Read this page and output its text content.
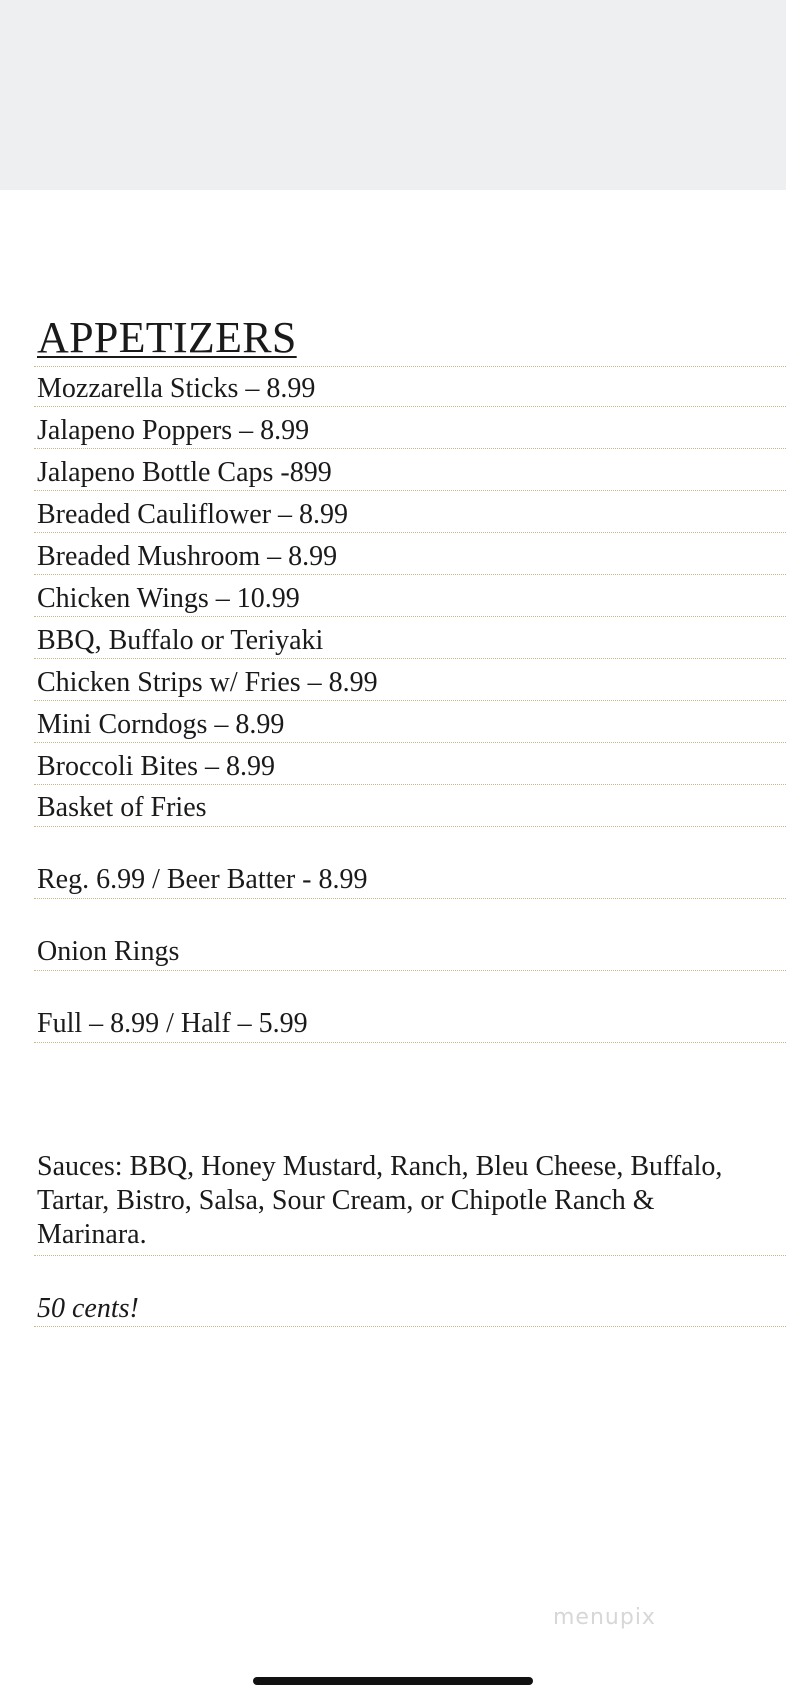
APPETIZERS
Mozzarella Sticks – 8.99
Jalapeno Poppers – 8.99
Jalapeno Bottle Caps -899
Breaded Cauliflower – 8.99
Breaded Mushroom – 8.99
Chicken Wings – 10.99
BBQ, Buffalo or Teriyaki
Chicken Strips w/ Fries – 8.99
Mini Corndogs – 8.99
Broccoli Bites – 8.99
Basket of Fries
Reg. 6.99 / Beer Batter - 8.99
Onion Rings
Full – 8.99 / Half – 5.99
Sauces: BBQ, Honey Mustard, Ranch, Bleu Cheese, Buffalo, Tartar, Bistro, Salsa, Sour Cream, or Chipotle Ranch & Marinara.
50 cents!
menupix
